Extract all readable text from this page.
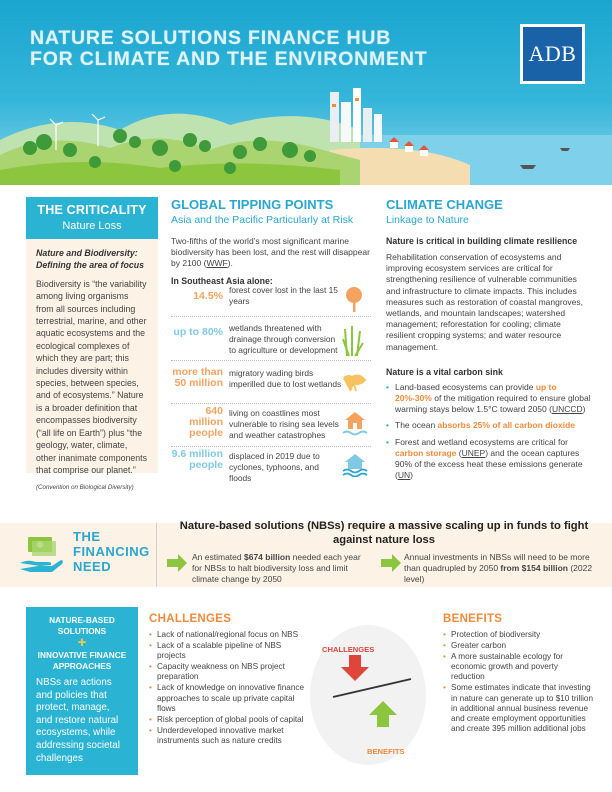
NATURE SOLUTIONS FINANCE HUB
FOR CLIMATE AND THE ENVIRONMENT	ADB
THE CRITICALITY
Nature Loss
Nature and Biodiversity: Defining the area of focus
Biodiversity is “the variability among living organisms from all sources including terrestrial, marine, and other aquatic ecosystems and the ecological complexes of which they are part; this includes diversity within species, between species, and of ecosystems.” Nature is a broader definition that encompasses biodiversity (“all life on Earth”) plus “the geology, water, climate, other inanimate components that comprise our planet.”
(Convention on Biological Diversity)
GLOBAL TIPPING POINTS
Asia and the Pacific Particularly at Risk

Two-fifths of the world’s most significant marine biodiversity has been lost, and the rest will disappear by 2100 (WWF).

In Southeast Asia alone:
14.5% forest cover lost in the last 15 years
up to 80% wetlands threatened with drainage through conversion to agriculture or development
more than 50 million
migratory wading birds imperilled due to lost wetlands
640 million people
living on coastlines most vulnerable to rising sea levels and weather catastrophes
9.6 million people
displaced in 2019 due to cyclones, typhoons, and floods
CLIMATE CHANGE
Linkage to Nature
Nature is critical in building climate resilience

Rehabilitation conservation of ecosystems and improving ecosystem services are critical for strengthening resilience of vulnerable communities and infrastructure to climate impacts. This includes measures such as restoration of coastal mangroves, wetlands, and mountain landscapes; watershed management; reforestation for cooling; climate resilient cropping systems; and water resource management.

Nature is a vital carbon sink
• Land-based ecosystems can provide up to 20%-30% of the mitigation required to ensure global warming stays below 1.5°C toward 2050 (UNCCD)
• The ocean absorbs 25% of all carbon dioxide
• Forest and wetland ecosystems are critical for carbon storage (UNEP) and the ocean captures 90% of the excess heat these emissions generate (UN)
THE
FINANCING
NEED
Nature-based solutions (NBSs) require a massive scaling up in funds to fight against nature loss
An estimated $674 billion needed each year for NBSs to halt biodiversity loss and limit climate change by 2050
Annual investments in NBSs will need to be more than quadrupled by 2050 from $154 billion (2022 level)
NATURE-BASED SOLUTIONS
+
INNOVATIVE FINANCE APPROACHES
NBSs are actions and policies that protect, manage, and restore natural ecosystems, while addressing societal challenges
CHALLENGES
• Lack of national/regional focus on NBS
• Lack of a scalable pipeline of NBS projects
• Capacity weakness on NBS project preparation
• Lack of knowledge on innovative finance approaches to scale up private capital flows
• Risk perception of global pools of capital
• Underdeveloped innovative market instruments such as nature credits
CHALLENGES
BENEFITS
BENEFITS
• Protection of biodiversity
• Greater carbon
• A more sustainable ecology for economic growth and poverty reduction
• Some estimates indicate that investing in nature can generate up to $10 trillion in additional annual business revenue and create employment opportunities and create 395 million additional jobs
